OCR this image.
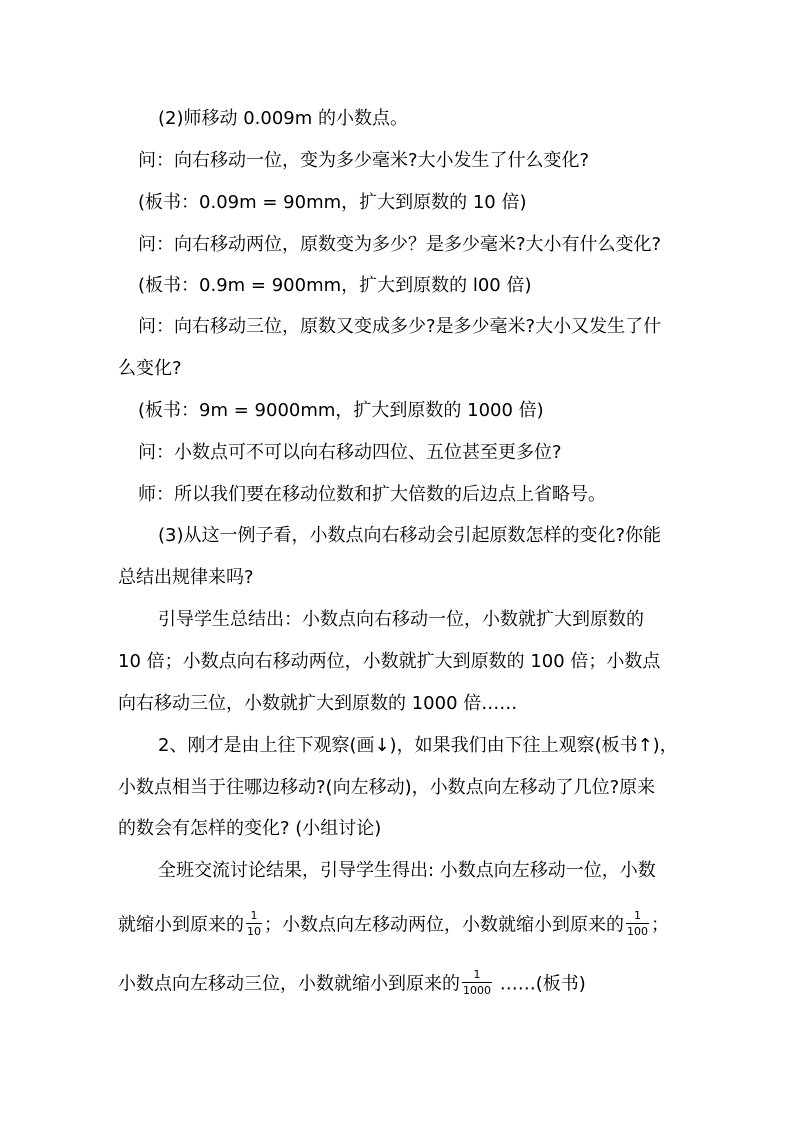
(2)师移动 0.009m 的小数点。
问：向右移动一位，变为多少毫米?大小发生了什么变化?
(板书：0.09m = 90mm，扩大到原数的 10 倍)
问：向右移动两位，原数变为多少？是多少毫米?大小有什么变化?
(板书：0.9m = 900mm，扩大到原数的 l00 倍)
问：向右移动三位，原数又变成多少?是多少毫米?大小又发生了什
么变化?
(板书：9m = 9000mm，扩大到原数的 1000 倍)
问：小数点可不可以向右移动四位、五位甚至更多位?
师：所以我们要在移动位数和扩大倍数的后边点上省略号。
(3)从这一例子看，小数点向右移动会引起原数怎样的变化?你能
总结出规律来吗?
引导学生总结出：小数点向右移动一位，小数就扩大到原数的
10 倍；小数点向右移动两位，小数就扩大到原数的 100 倍；小数点
向右移动三位，小数就扩大到原数的 1000 倍……
2、刚才是由上往下观察(画↓)，如果我们由下往上观察(板书↑)，
小数点相当于往哪边移动?(向左移动)，小数点向左移动了几位?原来
的数会有怎样的变化? (小组讨论)
全班交流讨论结果，引导学生得出: 小数点向左移动一位，小数
就缩小到原来的 $\frac{1}{10}$ ；小数点向左移动两位，小数就缩小到原来的 $\frac{1}{100}$ ；
小数点向左移动三位，小数就缩小到原来的 $\frac{1}{1000}$ ……(板书)
